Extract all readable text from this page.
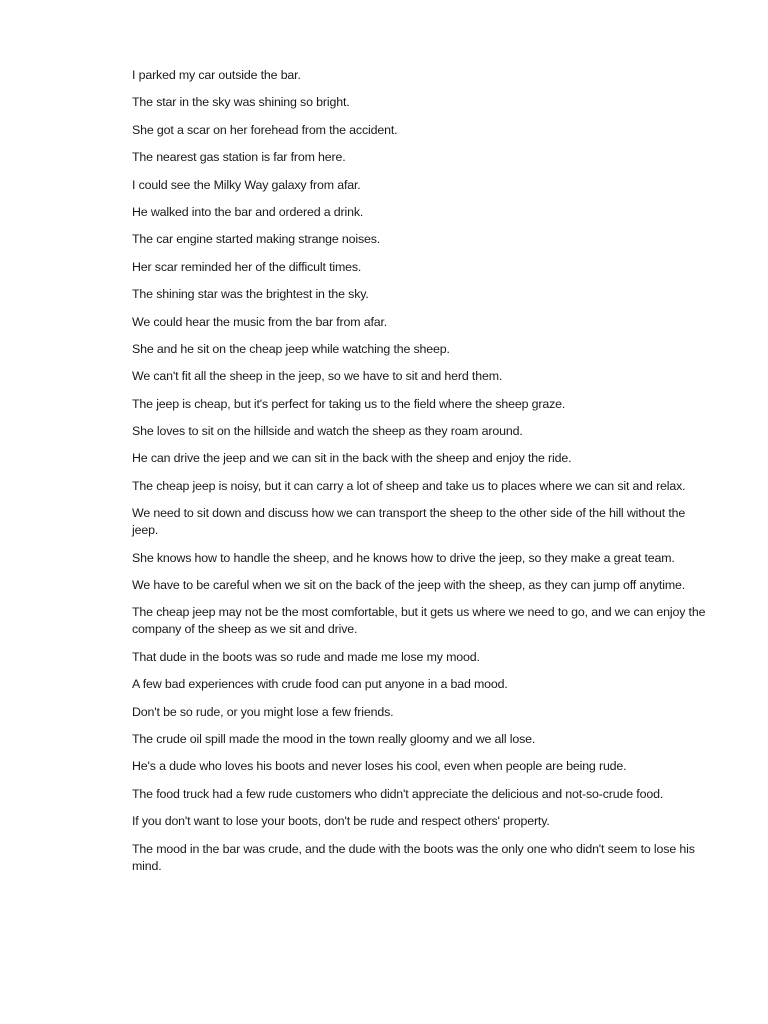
I parked my car outside the bar.

The star in the sky was shining so bright.

She got a scar on her forehead from the accident.

The nearest gas station is far from here.

I could see the Milky Way galaxy from afar.

He walked into the bar and ordered a drink.

The car engine started making strange noises.

Her scar reminded her of the difficult times.

The shining star was the brightest in the sky.

We could hear the music from the bar from afar.

She and he sit on the cheap jeep while watching the sheep.

We can't fit all the sheep in the jeep, so we have to sit and herd them.

The jeep is cheap, but it's perfect for taking us to the field where the sheep graze.

She loves to sit on the hillside and watch the sheep as they roam around.

He can drive the jeep and we can sit in the back with the sheep and enjoy the ride.

The cheap jeep is noisy, but it can carry a lot of sheep and take us to places where we can sit and relax.

We need to sit down and discuss how we can transport the sheep to the other side of the hill without the jeep.

She knows how to handle the sheep, and he knows how to drive the jeep, so they make a great team.

We have to be careful when we sit on the back of the jeep with the sheep, as they can jump off anytime.

The cheap jeep may not be the most comfortable, but it gets us where we need to go, and we can enjoy the company of the sheep as we sit and drive.

That dude in the boots was so rude and made me lose my mood.

A few bad experiences with crude food can put anyone in a bad mood.

Don't be so rude, or you might lose a few friends.

The crude oil spill made the mood in the town really gloomy and we all lose.

He's a dude who loves his boots and never loses his cool, even when people are being rude.

The food truck had a few rude customers who didn't appreciate the delicious and not-so-crude food.

If you don't want to lose your boots, don't be rude and respect others' property.

The mood in the bar was crude, and the dude with the boots was the only one who didn't seem to lose his mind.
